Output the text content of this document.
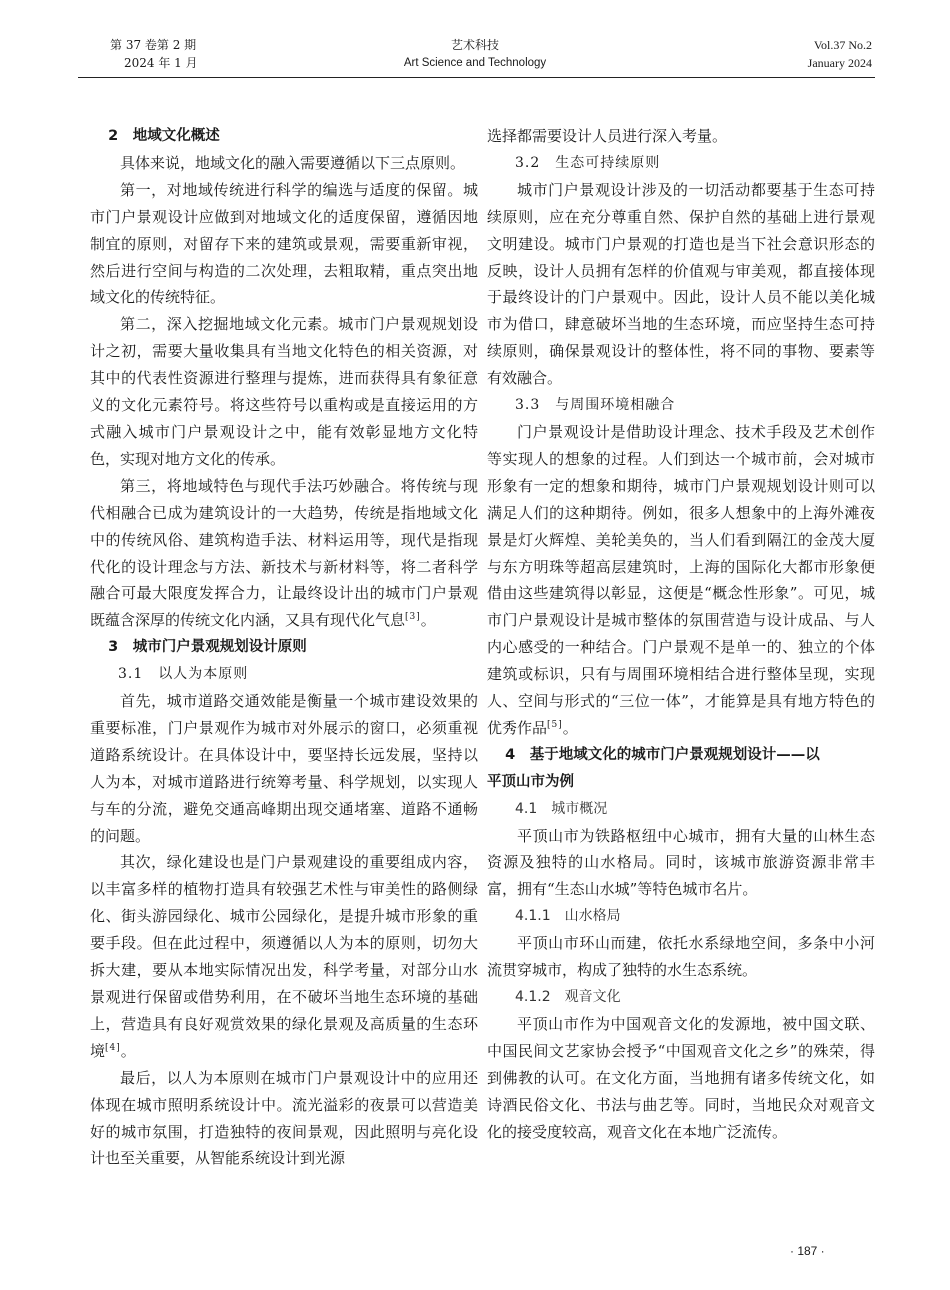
第 37 卷第 2 期
2024 年 1 月
艺术科技
Art Science and Technology
Vol.37 No.2
January 2024

2　地域文化概述

具体来说，地域文化的融入需要遵循以下三点原则。

第一，对地域传统进行科学的编选与适度的保留。城市门户景观设计应做到对地域文化的适度保留，遵循因地制宜的原则，对留存下来的建筑或景观，需要重新审视，然后进行空间与构造的二次处理，去粗取精，重点突出地域文化的传统特征。

第二，深入挖掘地域文化元素。城市门户景观规划设计之初，需要大量收集具有当地文化特色的相关资源，对其中的代表性资源进行整理与提炼，进而获得具有象征意义的文化元素符号。将这些符号以重构或是直接运用的方式融入城市门户景观设计之中，能有效彰显地方文化特色，实现对地方文化的传承。

第三，将地域特色与现代手法巧妙融合。将传统与现代相融合已成为建筑设计的一大趋势，传统是指地域文化中的传统风俗、建筑构造手法、材料运用等，现代是指现代化的设计理念与方法、新技术与新材料等，将二者科学融合可最大限度发挥合力，让最终设计出的城市门户景观既蕴含深厚的传统文化内涵，又具有现代化气息[3]。

3　城市门户景观规划设计原则

3.1　以人为本原则

首先，城市道路交通效能是衡量一个城市建设效果的重要标准，门户景观作为城市对外展示的窗口，必须重视道路系统设计。在具体设计中，要坚持长远发展，坚持以人为本，对城市道路进行统筹考量、科学规划，以实现人与车的分流，避免交通高峰期出现交通堵塞、道路不通畅的问题。

其次，绿化建设也是门户景观建设的重要组成内容，以丰富多样的植物打造具有较强艺术性与审美性的路侧绿化、街头游园绿化、城市公园绿化，是提升城市形象的重要手段。但在此过程中，须遵循以人为本的原则，切勿大拆大建，要从本地实际情况出发，科学考量，对部分山水景观进行保留或借势利用，在不破坏当地生态环境的基础上，营造具有良好观赏效果的绿化景观及高质量的生态环境[4]。

最后，以人为本原则在城市门户景观设计中的应用还体现在城市照明系统设计中。流光溢彩的夜景可以营造美好的城市氛围，打造独特的夜间景观，因此照明与亮化设计也至关重要，从智能系统设计到光源

选择都需要设计人员进行深入考量。

3.2　生态可持续原则

城市门户景观设计涉及的一切活动都要基于生态可持续原则，应在充分尊重自然、保护自然的基础上进行景观文明建设。城市门户景观的打造也是当下社会意识形态的反映，设计人员拥有怎样的价值观与审美观，都直接体现于最终设计的门户景观中。因此，设计人员不能以美化城市为借口，肆意破坏当地的生态环境，而应坚持生态可持续原则，确保景观设计的整体性，将不同的事物、要素等有效融合。

3.3　与周围环境相融合

门户景观设计是借助设计理念、技术手段及艺术创作等实现人的想象的过程。人们到达一个城市前，会对城市形象有一定的想象和期待，城市门户景观规划设计则可以满足人们的这种期待。例如，很多人想象中的上海外滩夜景是灯火辉煌、美轮美奂的，当人们看到隔江的金茂大厦与东方明珠等超高层建筑时，上海的国际化大都市形象便借由这些建筑得以彰显，这便是“概念性形象”。可见，城市门户景观设计是城市整体的氛围营造与设计成品、与人内心感受的一种结合。门户景观不是单一的、独立的个体建筑或标识，只有与周围环境相结合进行整体呈现，实现人、空间与形式的“三位一体”，才能算是具有地方特色的优秀作品[5]。

4　基于地域文化的城市门户景观规划设计——以

平顶山市为例

4.1　城市概况

平顶山市为铁路枢纽中心城市，拥有大量的山林生态资源及独特的山水格局。同时，该城市旅游资源非常丰富，拥有“生态山水城”等特色城市名片。

4.1.1　山水格局

平顶山市环山而建，依托水系绿地空间，多条中小河流贯穿城市，构成了独特的水生态系统。

4.1.2　观音文化

平顶山市作为中国观音文化的发源地，被中国文联、中国民间文艺家协会授予“中国观音文化之乡”的殊荣，得到佛教的认可。在文化方面，当地拥有诸多传统文化，如诗酒民俗文化、书法与曲艺等。同时，当地民众对观音文化的接受度较高，观音文化在本地广泛流传。

· 187 ·
